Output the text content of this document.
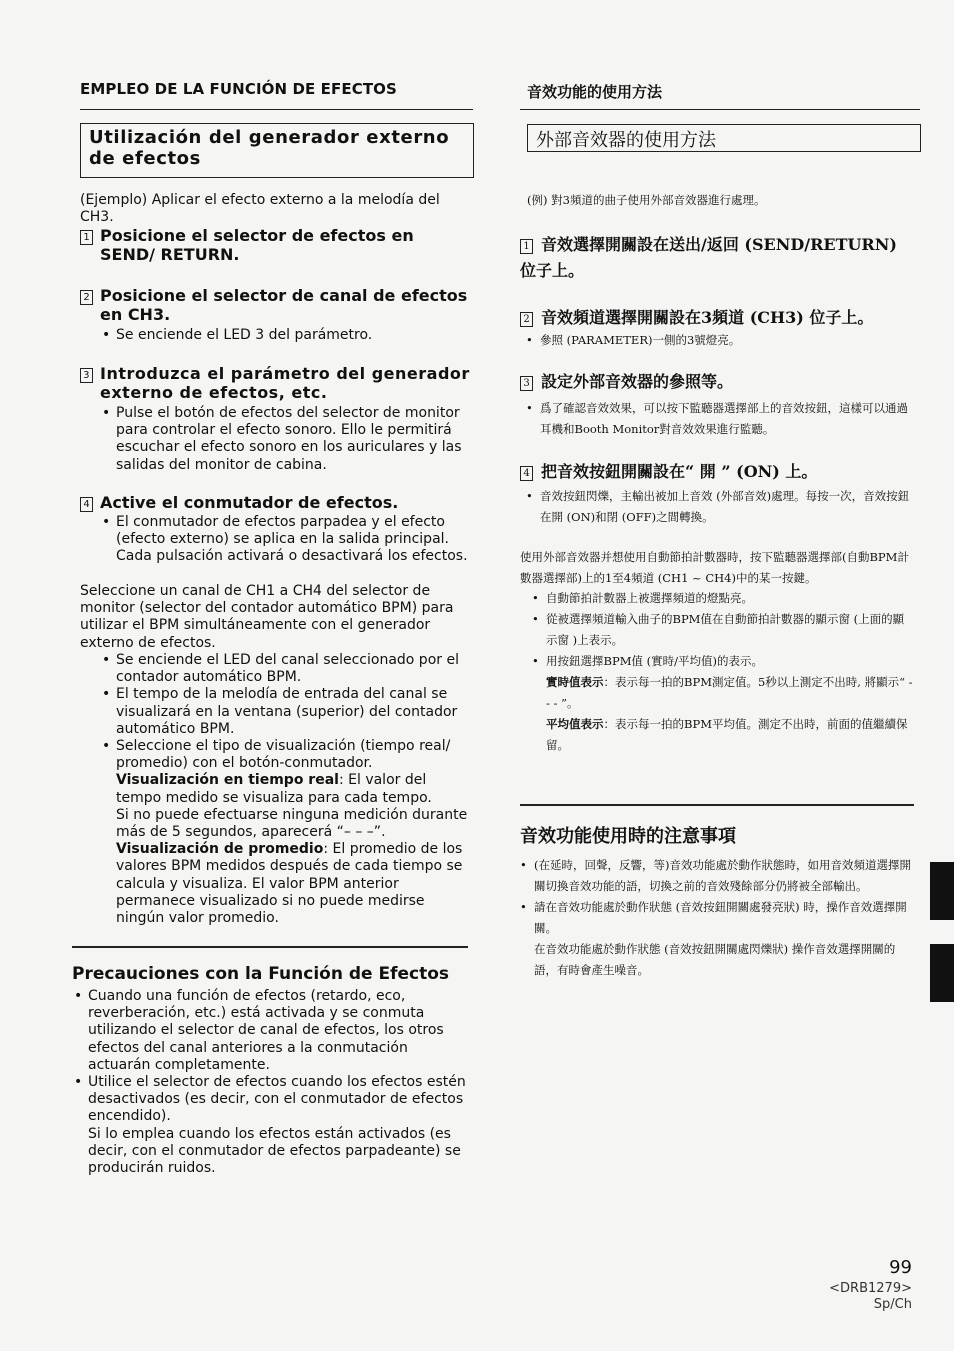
EMPLEO DE LA FUNCIÓN DE EFECTOS
Utilización del generador externo de efectos
(Ejemplo) Aplicar el efecto externo a la melodía del CH3.
1 Posicione el selector de efectos en SEND/ RETURN.
2 Posicione el selector de canal de efectos en CH3.
• Se enciende el LED 3 del parámetro.
3 Introduzca el parámetro del generador externo de efectos, etc.
• Pulse el botón de efectos del selector de monitor para controlar el efecto sonoro. Ello le permitirá escuchar el efecto sonoro en los auriculares y las salidas del monitor de cabina.
4 Active el conmutador de efectos.
• El conmutador de efectos parpadea y el efecto (efecto externo) se aplica en la salida principal. Cada pulsación activará o desactivará los efectos.
Seleccione un canal de CH1 a CH4 del selector de monitor (selector del contador automático BPM) para utilizar el BPM simultáneamente con el generador externo de efectos.
• Se enciende el LED del canal seleccionado por el contador automático BPM.
• El tempo de la melodía de entrada del canal se visualizará en la ventana (superior) del contador automático BPM.
• Seleccione el tipo de visualización (tiempo real/ promedio) con el botón-conmutador.
Visualización en tiempo real: El valor del tempo medido se visualiza para cada tempo.
Si no puede efectuarse ninguna medición durante más de 5 segundos, aparecerá “– – –”.
Visualización de promedio: El promedio de los valores BPM medidos después de cada tiempo se calcula y visualiza. El valor BPM anterior permanece visualizado si no puede medirse ningún valor promedio.
Precauciones con la Función de Efectos
• Cuando una función de efectos (retardo, eco, reverberación, etc.) está activada y se conmuta utilizando el selector de canal de efectos, los otros efectos del canal anteriores a la conmutación actuarán completamente.
• Utilice el selector de efectos cuando los efectos estén desactivados (es decir, con el conmutador de efectos encendido).
Si lo emplea cuando los efectos están activados (es decir, con el conmutador de efectos parpadeante) se producirán ruidos.
音效功能的使用方法
外部音效器的使用方法
(例) 對3頻道的曲子使用外部音效器進行處理。
1 音效選擇開關設在送出/返回 (SEND/RETURN) 位子上。
2 音效頻道選擇開關設在3頻道 (CH3) 位子上。
• 參照 (PARAMETER)一側的3號燈亮。
3 設定外部音效器的參照等。
• 爲了確認音效效果，可以按下監聽器選擇部上的音效按鈕，這樣可以通過耳機和Booth Monitor對音效效果進行監聽。
4 把音效按鈕開關設在“ 開 ” (ON) 上。
• 音效按鈕閃爍，主輸出被加上音效 (外部音效)處理。每按一次，音效按鈕在開 (ON)和閉 (OFF)之間轉換。
使用外部音效器并想使用自動節拍計數器時，按下監聽器選擇部(自動BPM計數器選擇部)上的1至4頻道 (CH1 ~ CH4)中的某一按鍵。
• 自動節拍計數器上被選擇頻道的燈點亮。
• 從被選擇頻道輸入曲子的BPM值在自動節拍計數器的顯示窗 (上面的顯示窗 )上表示。
• 用按鈕選擇BPM值 (實時/平均值)的表示。
實時值表示：表示每一拍的BPM測定值。5秒以上測定不出時, 將顯示“ - - - ”。
平均值表示：表示每一拍的BPM平均值。測定不出時，前面的值繼續保留。
音效功能使用時的注意事項
• (在延時，回聲，反響，等)音效功能處於動作狀態時，如用音效頻道選擇開關切換音效功能的語，切換之前的音效殘餘部分仍將被全部輸出。
• 請在音效功能處於動作狀態 (音效按鈕開關處發亮狀) 時，操作音效選擇開關。
在音效功能處於動作狀態 (音效按鈕開關處閃爍狀) 操作音效選擇開關的語，有時會產生噪音。
99
<DRB1279>
Sp/Ch
